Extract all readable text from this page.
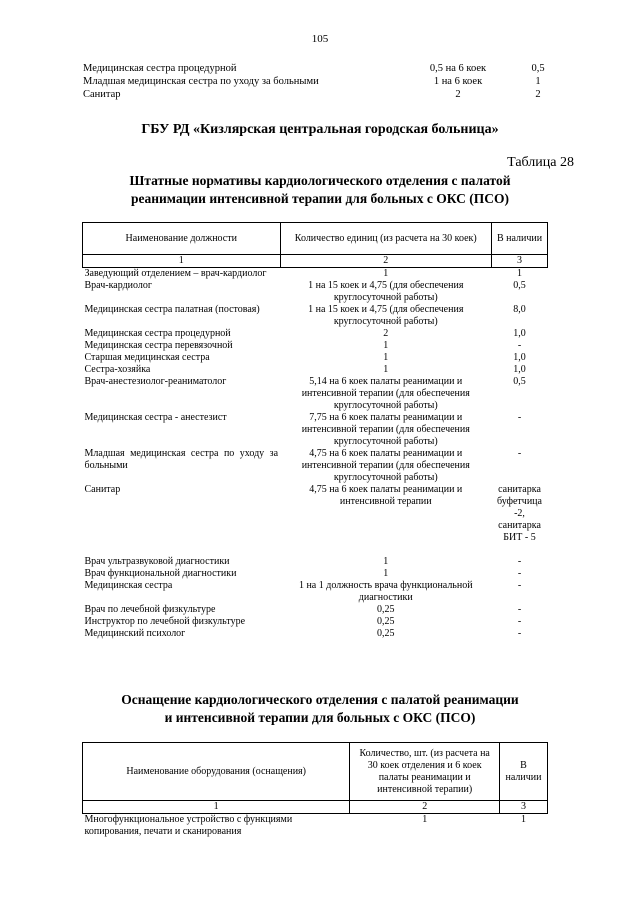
105
Медицинская сестра процедурной	0,5 на 6 коек	0,5
Младшая медицинская сестра по уходу за больными	1 на 6 коек	1
Санитар	2	2
ГБУ РД «Кизлярская центральная городская больница»
Таблица 28
Штатные нормативы кардиологического отделения с палатой
реанимации интенсивной терапии для больных с ОКС (ПСО)
Наименование должности	Количество единиц (из расчета на 30 коек)	В наличии
1	2	3
Заведующий отделением – врач-кардиолог	1	1
Врач-кардиолог	1 на 15 коек и 4,75 (для обеспечения круглосуточной работы)	0,5
Медицинская сестра палатная (постовая)	1 на 15 коек и 4,75 (для обеспечения круглосуточной работы)	8,0
Медицинская сестра процедурной	2	1,0
Медицинская сестра перевязочной	1	-
Старшая медицинская сестра	1	1,0
Сестра-хозяйка	1	1,0
Врач-анестезиолог-реаниматолог	5,14 на 6 коек палаты реанимации и интенсивной терапии (для обеспечения круглосуточной работы)	0,5
Медицинская сестра - анестезист	7,75 на 6 коек палаты реанимации и интенсивной терапии (для обеспечения круглосуточной работы)	-
Младшая медицинская сестра по уходу за больными	4,75 на 6 коек палаты реанимации и интенсивной терапии (для обеспечения круглосуточной работы)	-
Санитар	4,75 на 6 коек палаты реанимации и интенсивной терапии	санитарка буфетчица -2, санитарка БИТ - 5

Врач ультразвуковой диагностики	1	-
Врач функциональной диагностики	1	-
Медицинская сестра	1 на 1 должность врача функциональной диагностики	-
Врач по лечебной физкультуре	0,25	-
Инструктор по лечебной физкультуре	0,25	-
Медицинский психолог	0,25	-
Оснащение кардиологического отделения с палатой реанимации
и интенсивной терапии для больных с ОКС (ПСО)
Наименование оборудования (оснащения)	Количество, шт. (из расчета на 30 коек отделения и 6 коек палаты реанимации и интенсивной терапии)	В наличии
1	2	3
Многофункциональное устройство с функциями копирования, печати и сканирования	1	1
